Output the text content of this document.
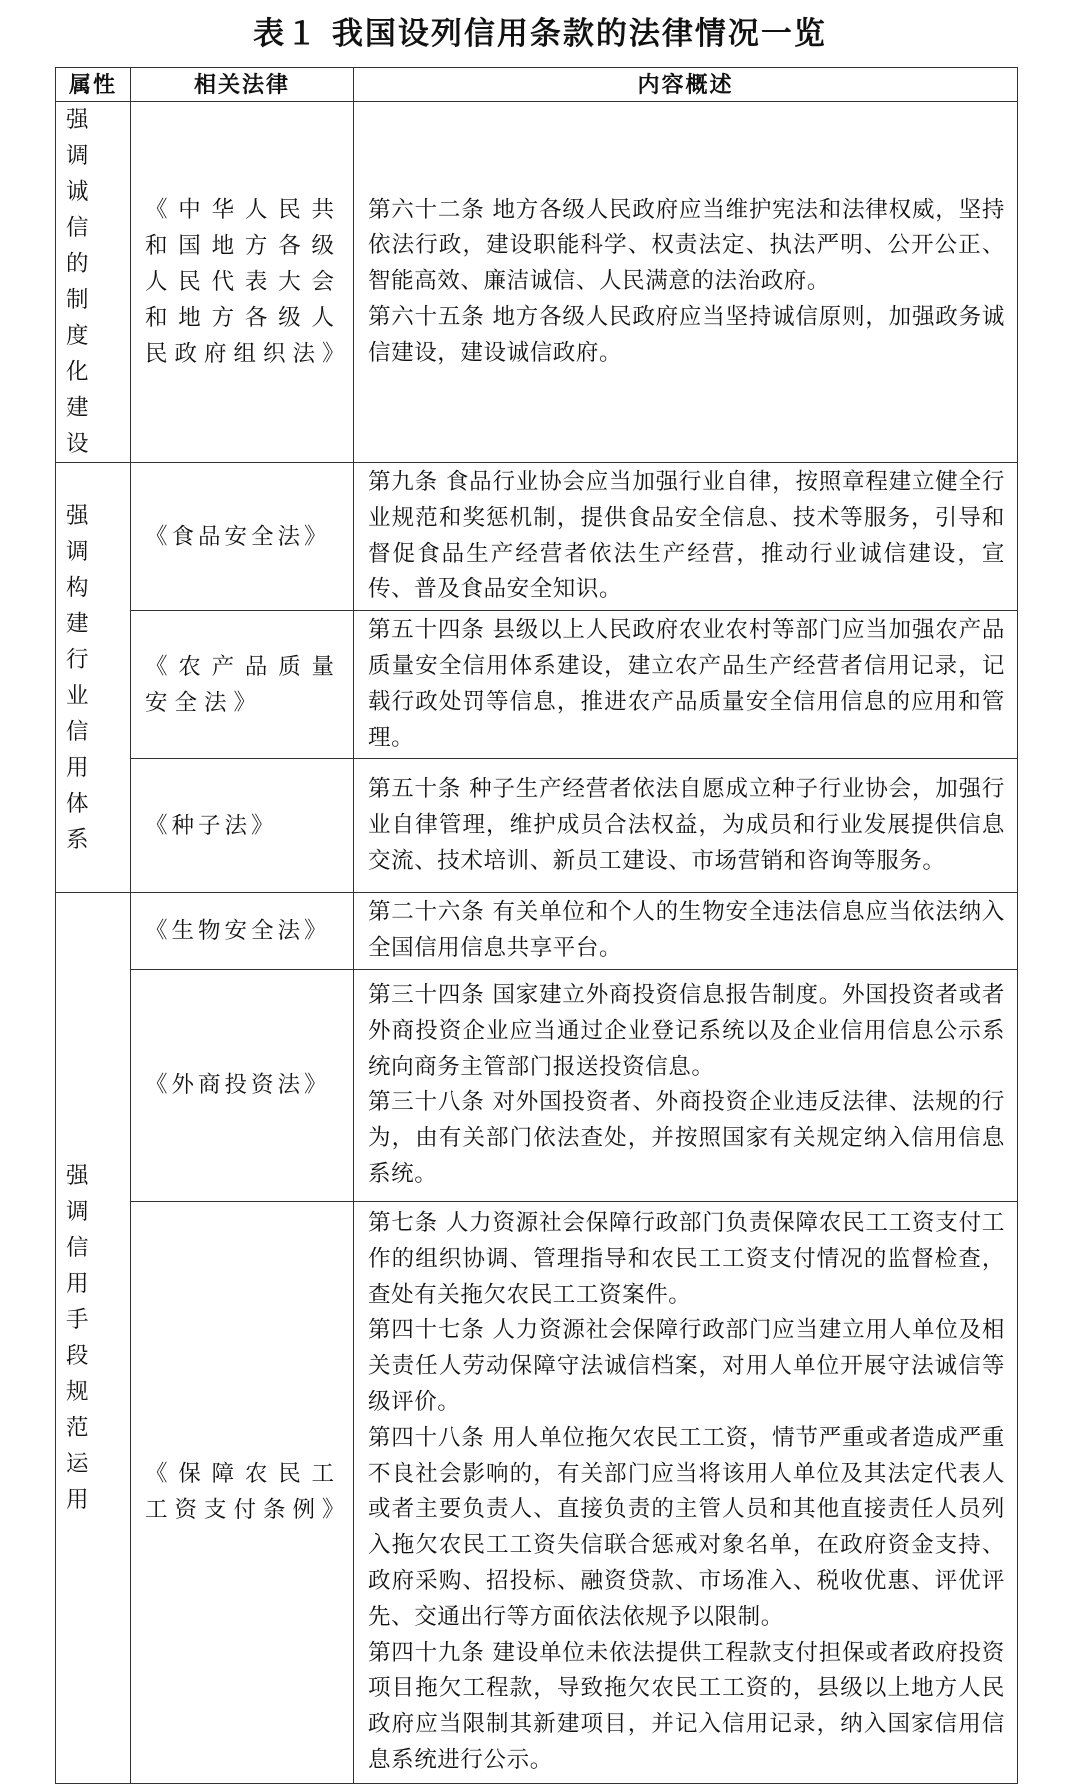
表１ 我国设列信用条款的法律情况一览
属性	相关法律	内容概述

强调诚信的制度化建设	《中华人民共和国地方各级人民代表大会和地方各级人民政府组织法》	第六十二条 地方各级人民政府应当维护宪法和法律权威，坚持依法行政，建设职能科学、权责法定、执法严明、公开公正、智能高效、廉洁诚信、人民满意的法治政府。

第六十五条 地方各级人民政府应当坚持诚信原则，加强政务诚信建设，建设诚信政府。

强调构建行业信用体系	《食品安全法》	第九条 食品行业协会应当加强行业自律，按照章程建立健全行业规范和奖惩机制，提供食品安全信息、技术等服务，引导和督促食品生产经营者依法生产经营，推动行业诚信建设，宣传、普及食品安全知识。

	《农产品质量安全法》	第五十四条 县级以上人民政府农业农村等部门应当加强农产品质量安全信用体系建设，建立农产品生产经营者信用记录，记载行政处罚等信息，推进农产品质量安全信用信息的应用和管理。

	《种子法》	第五十条 种子生产经营者依法自愿成立种子行业协会，加强行业自律管理，维护成员合法权益，为成员和行业发展提供信息交流、技术培训、新员工建设、市场营销和咨询等服务。

强调信用手段规范运用	《生物安全法》	第二十六条 有关单位和个人的生物安全违法信息应当依法纳入全国信用信息共享平台。

	《外商投资法》	第三十四条 国家建立外商投资信息报告制度。外国投资者或者外商投资企业应当通过企业登记系统以及企业信用信息公示系统向商务主管部门报送投资信息。

第三十八条 对外国投资者、外商投资企业违反法律、法规的行为，由有关部门依法查处，并按照国家有关规定纳入信用信息系统。

	《保障农民工工资支付条例》	第七条 人力资源社会保障行政部门负责保障农民工工资支付工作的组织协调、管理指导和农民工工资支付情况的监督检查，查处有关拖欠农民工工资案件。

第四十七条 人力资源社会保障行政部门应当建立用人单位及相关责任人劳动保障守法诚信档案，对用人单位开展守法诚信等级评价。

第四十八条 用人单位拖欠农民工工资，情节严重或者造成严重不良社会影响的，有关部门应当将该用人单位及其法定代表人或者主要负责人、直接负责的主管人员和其他直接责任人员列入拖欠农民工工资失信联合惩戒对象名单，在政府资金支持、政府采购、招投标、融资贷款、市场准入、税收优惠、评优评先、交通出行等方面依法依规予以限制。

第四十九条 建设单位未依法提供工程款支付担保或者政府投资项目拖欠工程款，导致拖欠农民工工资的，县级以上地方人民政府应当限制其新建项目，并记入信用记录，纳入国家信用信息系统进行公示。
